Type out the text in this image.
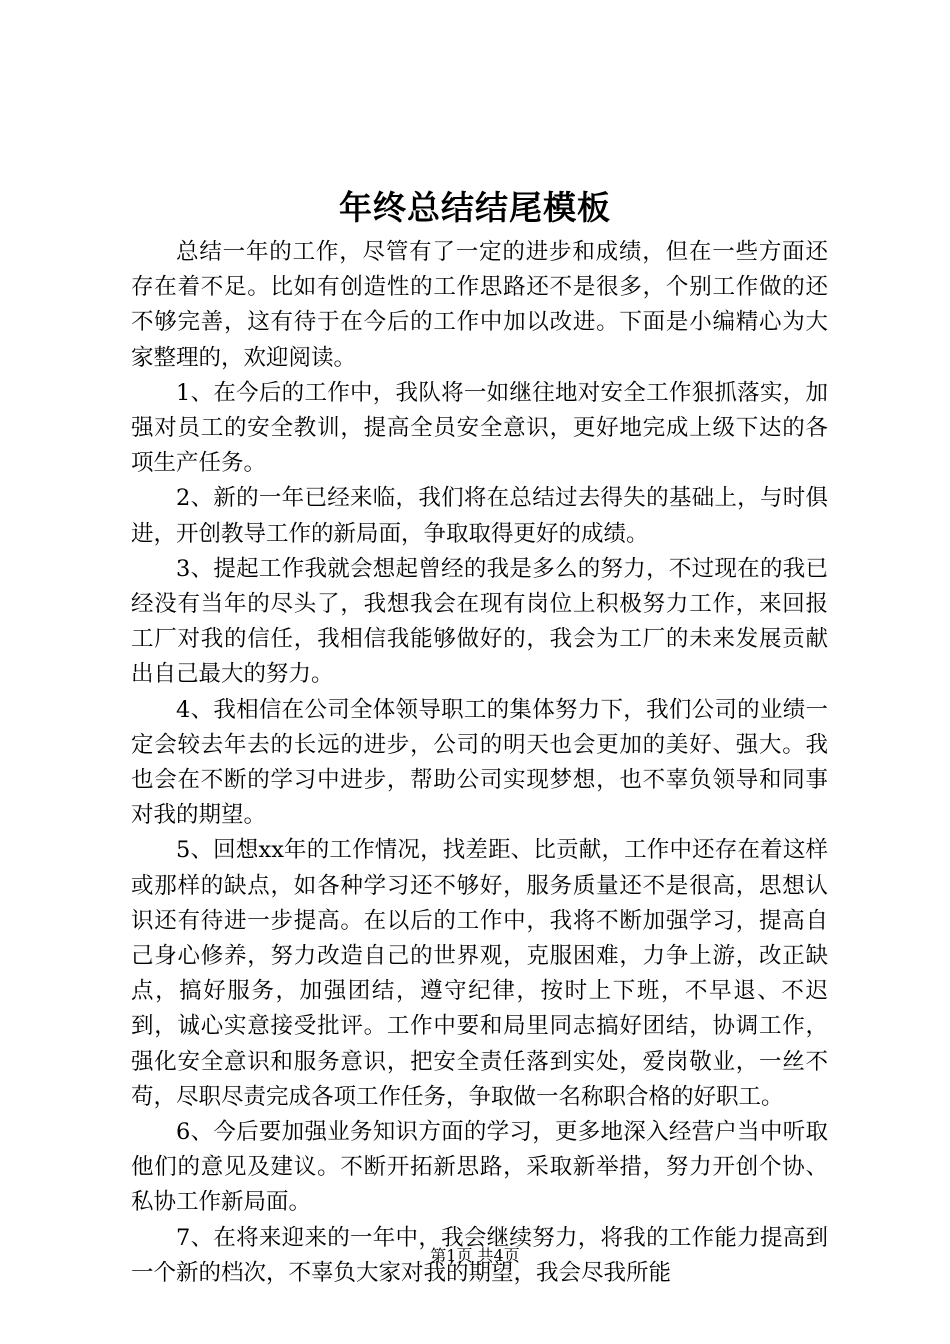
年终总结结尾模板

总结一年的工作，尽管有了一定的进步和成绩，但在一些方面还存在着不足。比如有创造性的工作思路还不是很多，个别工作做的还不够完善，这有待于在今后的工作中加以改进。下面是小编精心为大家整理的，欢迎阅读。

1、在今后的工作中，我队将一如继往地对安全工作狠抓落实，加强对员工的安全教训，提高全员安全意识，更好地完成上级下达的各项生产任务。

2、新的一年已经来临，我们将在总结过去得失的基础上，与时俱进，开创教导工作的新局面，争取取得更好的成绩。

3、提起工作我就会想起曾经的我是多么的努力，不过现在的我已经没有当年的尽头了，我想我会在现有岗位上积极努力工作，来回报工厂对我的信任，我相信我能够做好的，我会为工厂的未来发展贡献出自己最大的努力。

4、我相信在公司全体领导职工的集体努力下，我们公司的业绩一定会较去年去的长远的进步，公司的明天也会更加的美好、强大。我也会在不断的学习中进步，帮助公司实现梦想，也不辜负领导和同事对我的期望。

5、回想xx年的工作情况，找差距、比贡献，工作中还存在着这样或那样的缺点，如各种学习还不够好，服务质量还不是很高，思想认识还有待进一步提高。在以后的工作中，我将不断加强学习，提高自己身心修养，努力改造自己的世界观，克服困难，力争上游，改正缺点，搞好服务，加强团结，遵守纪律，按时上下班，不早退、不迟到，诚心实意接受批评。工作中要和局里同志搞好团结，协调工作，强化安全意识和服务意识，把安全责任落到实处，爱岗敬业，一丝不苟，尽职尽责完成各项工作任务，争取做一名称职合格的好职工。

6、今后要加强业务知识方面的学习，更多地深入经营户当中听取他们的意见及建议。不断开拓新思路，采取新举措，努力开创个协、私协工作新局面。

7、在将来迎来的一年中，我会继续努力，将我的工作能力提高到一个新的档次，不辜负大家对我的期望，我会尽我所能

第1页 共4页
